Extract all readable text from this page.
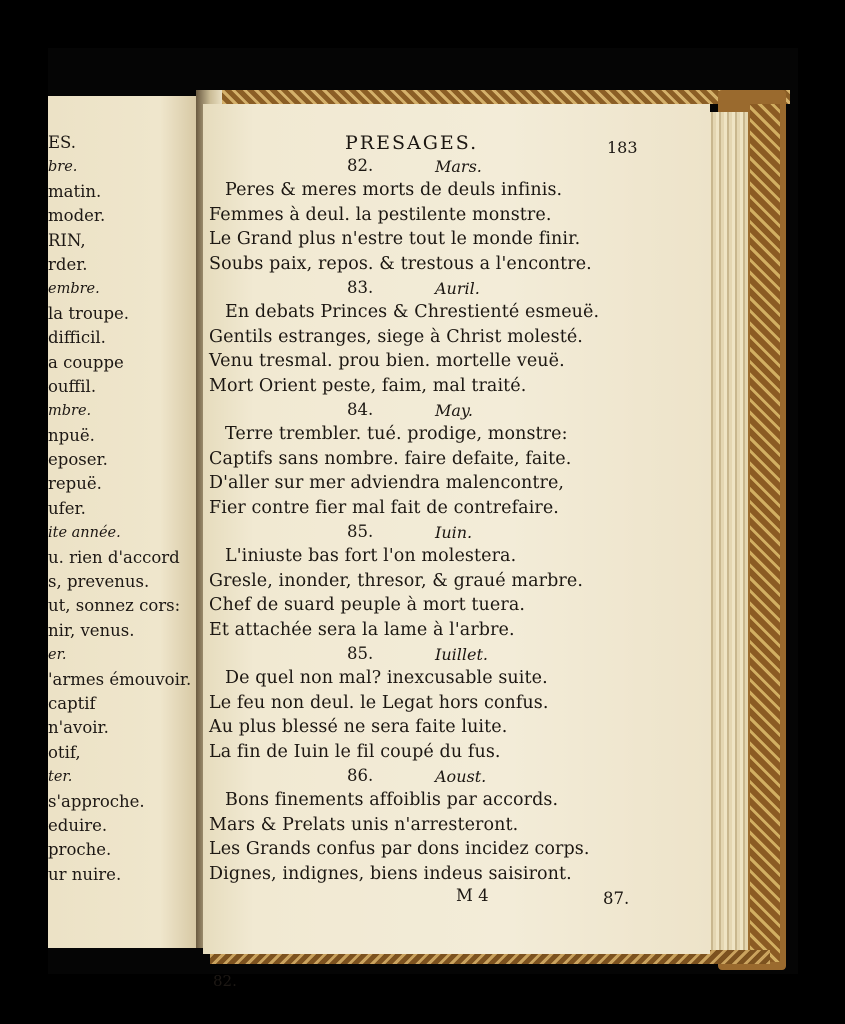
ES.
bre.
matin.
moder.
RIN,
rder.
embre.
la troupe.
difficil.
a couppe
ouffil.
mbre.
npuë.
eposer.
repuë.
ufer.
ite année.
u. rien d'accord
s, prevenus.
ut, sonnez cors:
nir, venus.
er.
'armes émouvoir.
captif
n'avoir.
otif,
ter.
s'approche.
eduire.
proche.
ur nuire.
82.
PRESAGES.	183
82.	Mars.
Peres & meres morts de deuls infinis.
Femmes à deul. la pestilente monstre.
Le Grand plus n'estre tout le monde finir.
Soubs paix, repos. & trestous a l'encontre.
83.	Auril.
En debats Princes & Chrestienté esmeuë.
Gentils estranges, siege à Christ molesté.
Venu tresmal. prou bien. mortelle veuë.
Mort Orient peste, faim, mal traité.
84.	May.
Terre trembler. tué. prodige, monstre:
Captifs sans nombre. faire defaite, faite.
D'aller sur mer adviendra malencontre,
Fier contre fier mal fait de contrefaire.
85.	Iuin.
L'iniuste bas fort l'on molestera.
Gresle, inonder, thresor, & graué marbre.
Chef de suard peuple à mort tuera.
Et attachée sera la lame à l'arbre.
85.	Iuillet.
De quel non mal? inexcusable suite.
Le feu non deul. le Legat hors confus.
Au plus blessé ne sera faite luite.
La fin de Iuin le fil coupé du fus.
86.	Aoust.
Bons finements affoiblis par accords.
Mars & Prelats unis n'arresteront.
Les Grands confus par dons incidez corps.
Dignes, indignes, biens indeus saisiront.
M 4	87.
